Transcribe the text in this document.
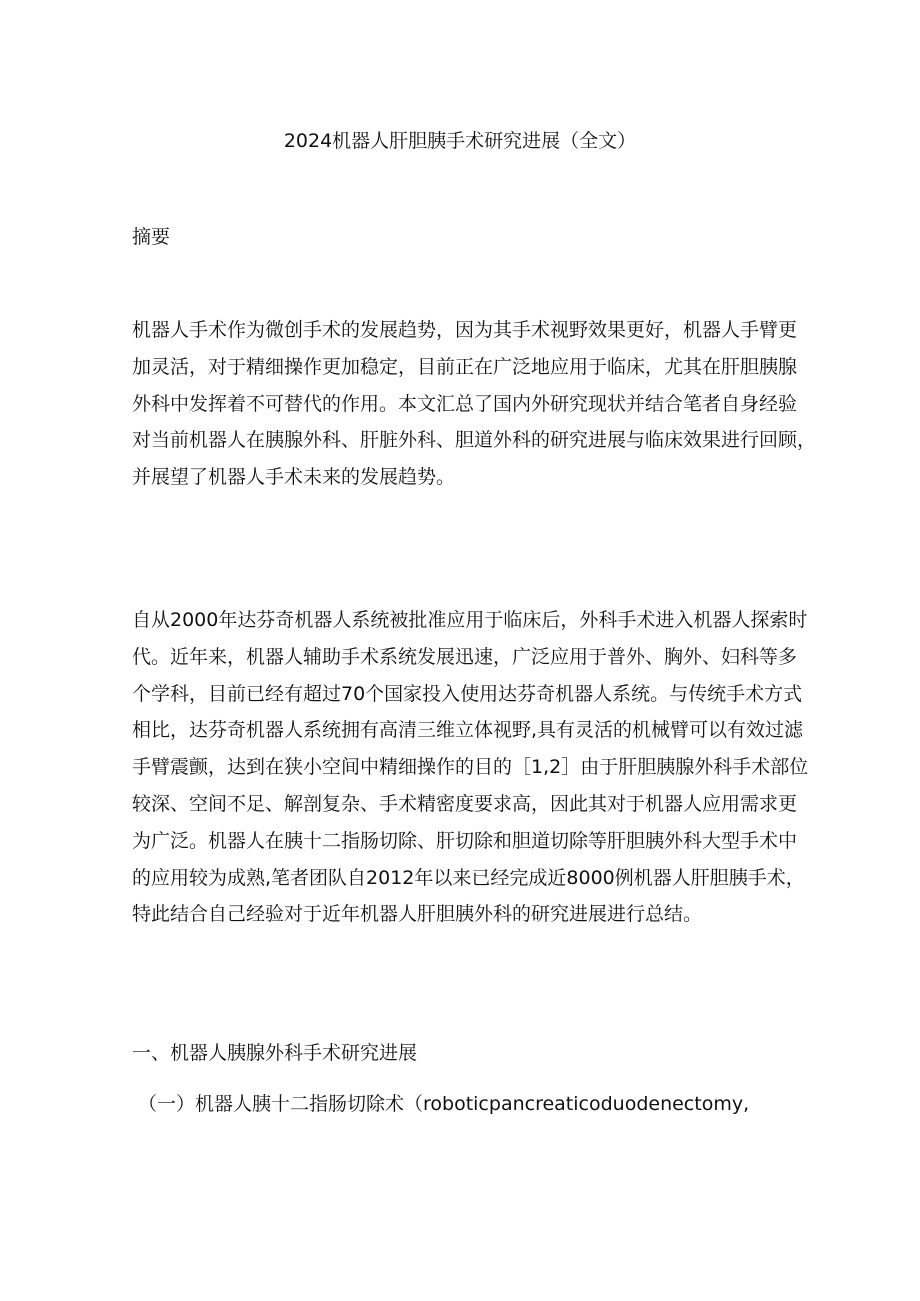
2024机器人肝胆胰手术研究进展（全文）
摘要
机器人手术作为微创手术的发展趋势，因为其手术视野效果更好，机器人手臂更
加灵活，对于精细操作更加稳定，目前正在广泛地应用于临床，尤其在肝胆胰腺
外科中发挥着不可替代的作用。本文汇总了国内外研究现状并结合笔者自身经验
对当前机器人在胰腺外科、肝脏外科、胆道外科的研究进展与临床效果进行回顾，
并展望了机器人手术未来的发展趋势。
自从2000年达芬奇机器人系统被批准应用于临床后，外科手术进入机器人探索时
代。近年来，机器人辅助手术系统发展迅速，广泛应用于普外、胸外、妇科等多
个学科，目前已经有超过70个国家投入使用达芬奇机器人系统。与传统手术方式
相比，达芬奇机器人系统拥有高清三维立体视野,具有灵活的机械臂可以有效过滤
手臂震颤，达到在狭小空间中精细操作的目的［1,2］由于肝胆胰腺外科手术部位
较深、空间不足、解剖复杂、手术精密度要求高，因此其对于机器人应用需求更
为广泛。机器人在胰十二指肠切除、肝切除和胆道切除等肝胆胰外科大型手术中
的应用较为成熟,笔者团队自2012年以来已经完成近8000例机器人肝胆胰手术，
特此结合自己经验对于近年机器人肝胆胰外科的研究进展进行总结。
一、机器人胰腺外科手术研究进展
（一）机器人胰十二指肠切除术（roboticpancreaticoduodenectomy,
